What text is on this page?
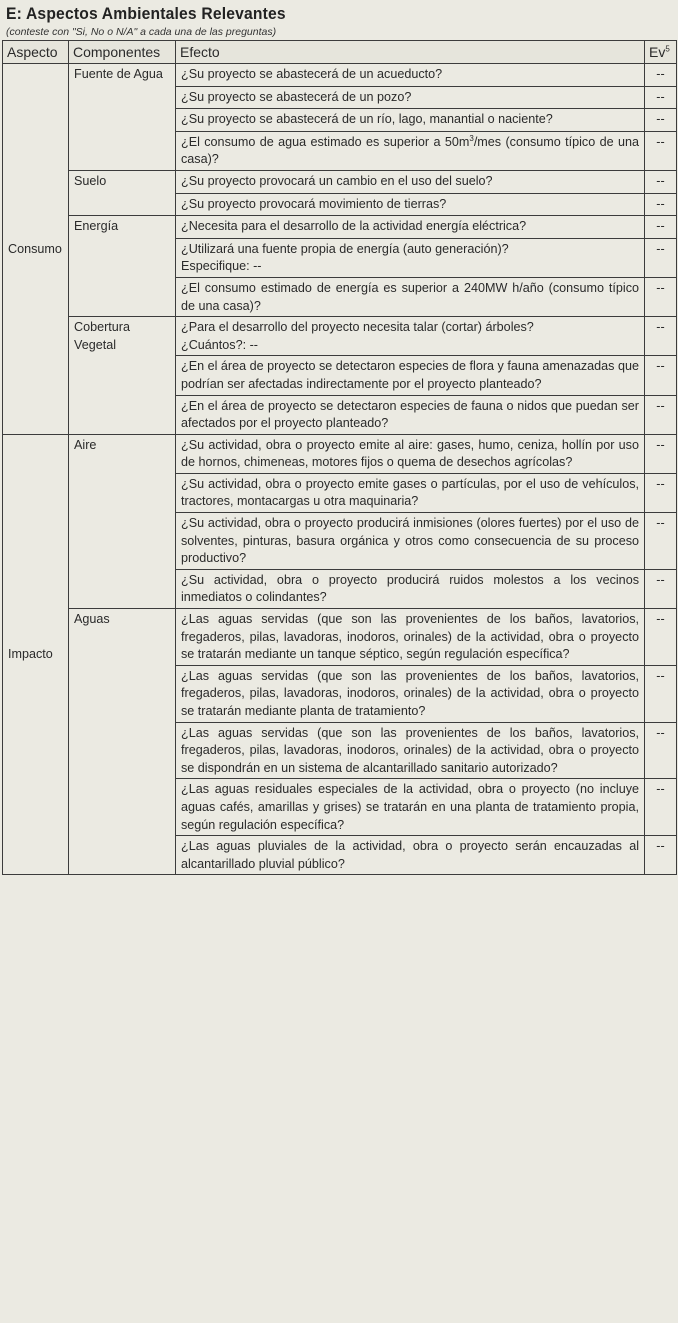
E: Aspectos Ambientales Relevantes
(conteste con "Si, No o N/A" a cada una de las preguntas)
Aspecto	Componentes	Efecto	Ev$^5$
Consumo	Fuente de Agua	¿Su proyecto se abastecerá de un acueducto?	--
		¿Su proyecto se abastecerá de un pozo?	--
		¿Su proyecto se abastecerá de un río, lago, manantial o naciente?	--
		¿El consumo de agua estimado es superior a $50m^3$/mes (consumo típico de una casa)?	--
	Suelo	¿Su proyecto provocará un cambio en el uso del suelo?	--
		¿Su proyecto provocará movimiento de tierras?	--
	Energía	¿Necesita para el desarrollo de la actividad energía eléctrica?	--
		¿Utilizará una fuente propia de energía (auto generación)?
Especifique: --	--
		¿El consumo estimado de energía es superior a 240MW h/año (consumo típico de una casa)?	--
	Cobertura Vegetal	¿Para el desarrollo del proyecto necesita talar (cortar) árboles?
¿Cuántos?: --	--
		¿En el área de proyecto se detectaron especies de flora y fauna amenazadas que podrían ser afectadas indirectamente por el proyecto planteado?	--
		¿En el área de proyecto se detectaron especies de fauna o nidos que puedan ser afectados por el proyecto planteado?	--
Impacto	Aire	¿Su actividad, obra o proyecto emite al aire: gases, humo, ceniza, hollín por uso de hornos, chimeneas, motores fijos o quema de desechos agrícolas?	--
		¿Su actividad, obra o proyecto emite gases o partículas, por el uso de vehículos, tractores, montacargas u otra maquinaria?	--
		¿Su actividad, obra o proyecto producirá inmisiones (olores fuertes) por el uso de solventes, pinturas, basura orgánica y otros como consecuencia de su proceso productivo?	--
		¿Su actividad, obra o proyecto producirá ruidos molestos a los vecinos inmediatos o colindantes?	--
	Aguas	¿Las aguas servidas (que son las provenientes de los baños, lavatorios, fregaderos, pilas, lavadoras, inodoros, orinales) de la actividad, obra o proyecto se tratarán mediante un tanque séptico, según regulación específica?	--
		¿Las aguas servidas (que son las provenientes de los baños, lavatorios, fregaderos, pilas, lavadoras, inodoros, orinales) de la actividad, obra o proyecto se tratarán mediante planta de tratamiento?	--
		¿Las aguas servidas (que son las provenientes de los baños, lavatorios, fregaderos, pilas, lavadoras, inodoros, orinales) de la actividad, obra o proyecto se dispondrán en un sistema de alcantarillado sanitario autorizado?	--
		¿Las aguas residuales especiales de la actividad, obra o proyecto (no incluye aguas cafés, amarillas y grises) se tratarán en una planta de tratamiento propia, según regulación específica?	--
		¿Las aguas pluviales de la actividad, obra o proyecto serán encauzadas al alcantarillado pluvial público?	--
